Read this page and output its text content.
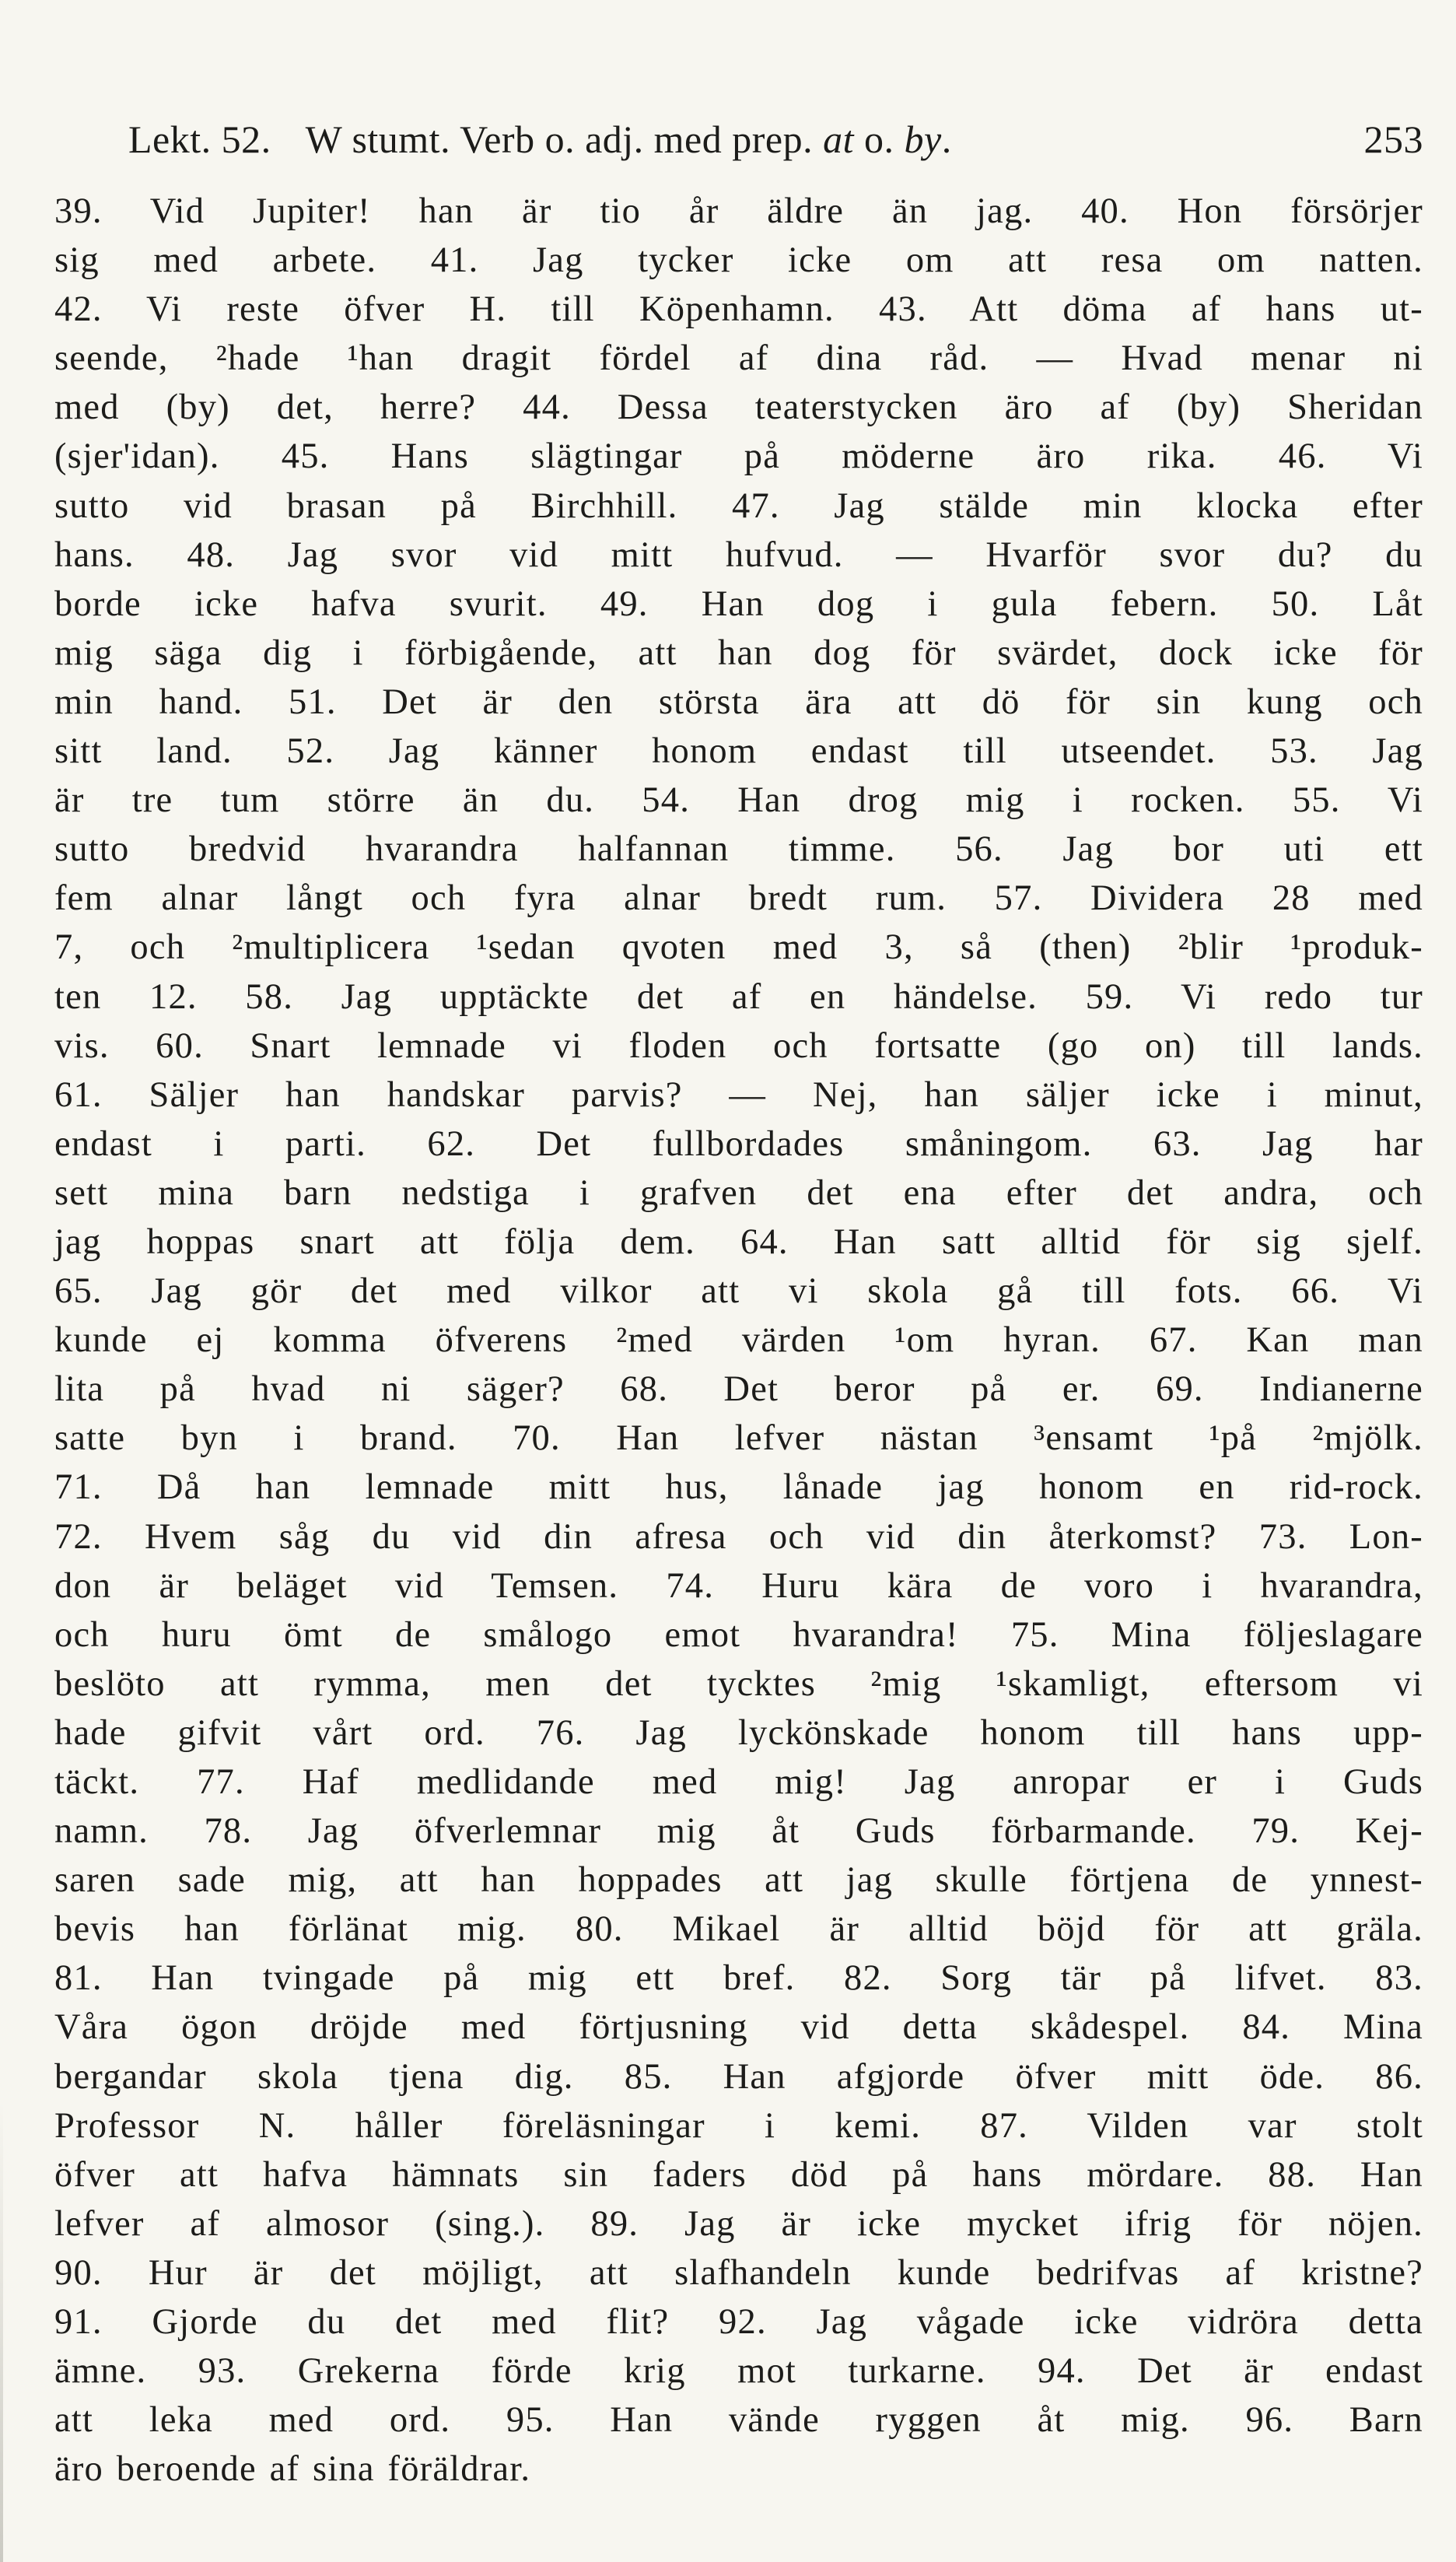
Lekt. 52. W stumt. Verb o. adj. med prep. at o. by.	253
39. Vid Jupiter! han är tio år äldre än jag. 40. Hon försörjer
sig med arbete. 41. Jag tycker icke om att resa om natten.
42. Vi reste öfver H. till Köpenhamn. 43. Att döma af hans ut-
seende, ²hade ¹han dragit fördel af dina råd. — Hvad menar ni
med (by) det, herre? 44. Dessa teaterstycken äro af (by) Sheridan
(sjer'idan). 45. Hans slägtingar på möderne äro rika. 46. Vi
sutto vid brasan på Birchhill. 47. Jag stälde min klocka efter
hans. 48. Jag svor vid mitt hufvud. — Hvarför svor du? du
borde icke hafva svurit. 49. Han dog i gula febern. 50. Låt
mig säga dig i förbigående, att han dog för svärdet, dock icke för
min hand. 51. Det är den största ära att dö för sin kung och
sitt land. 52. Jag känner honom endast till utseendet. 53. Jag
är tre tum större än du. 54. Han drog mig i rocken. 55. Vi
sutto bredvid hvarandra halfannan timme. 56. Jag bor uti ett
fem alnar långt och fyra alnar bredt rum. 57. Dividera 28 med
7, och ²multiplicera ¹sedan qvoten med 3, så (then) ²blir ¹produk-
ten 12. 58. Jag upptäckte det af en händelse. 59. Vi redo tur
vis. 60. Snart lemnade vi floden och fortsatte (go on) till lands.
61. Säljer han handskar parvis? — Nej, han säljer icke i minut,
endast i parti. 62. Det fullbordades småningom. 63. Jag har
sett mina barn nedstiga i grafven det ena efter det andra, och
jag hoppas snart att följa dem. 64. Han satt alltid för sig sjelf.
65. Jag gör det med vilkor att vi skola gå till fots. 66. Vi
kunde ej komma öfverens ²med värden ¹om hyran. 67. Kan man
lita på hvad ni säger? 68. Det beror på er. 69. Indianerne
satte byn i brand. 70. Han lefver nästan ³ensamt ¹på ²mjölk.
71. Då han lemnade mitt hus, lånade jag honom en rid-rock.
72. Hvem såg du vid din afresa och vid din återkomst? 73. Lon-
don är beläget vid Temsen. 74. Huru kära de voro i hvarandra,
och huru ömt de smålogo emot hvarandra! 75. Mina följeslagare
beslöto att rymma, men det tycktes ²mig ¹skamligt, eftersom vi
hade gifvit vårt ord. 76. Jag lyckönskade honom till hans upp-
täckt. 77. Haf medlidande med mig! Jag anropar er i Guds
namn. 78. Jag öfverlemnar mig åt Guds förbarmande. 79. Kej-
saren sade mig, att han hoppades att jag skulle förtjena de ynnest-
bevis han förlänat mig. 80. Mikael är alltid böjd för att gräla.
81. Han tvingade på mig ett bref. 82. Sorg tär på lifvet. 83.
Våra ögon dröjde med förtjusning vid detta skådespel. 84. Mina
bergandar skola tjena dig. 85. Han afgjorde öfver mitt öde. 86.
Professor N. håller föreläsningar i kemi. 87. Vilden var stolt
öfver att hafva hämnats sin faders död på hans mördare. 88. Han
lefver af almosor (sing.). 89. Jag är icke mycket ifrig för nöjen.
90. Hur är det möjligt, att slafhandeln kunde bedrifvas af kristne?
91. Gjorde du det med flit? 92. Jag vågade icke vidröra detta
ämne. 93. Grekerna förde krig mot turkarne. 94. Det är endast
att leka med ord. 95. Han vände ryggen åt mig. 96. Barn
äro beroende af sina föräldrar.
